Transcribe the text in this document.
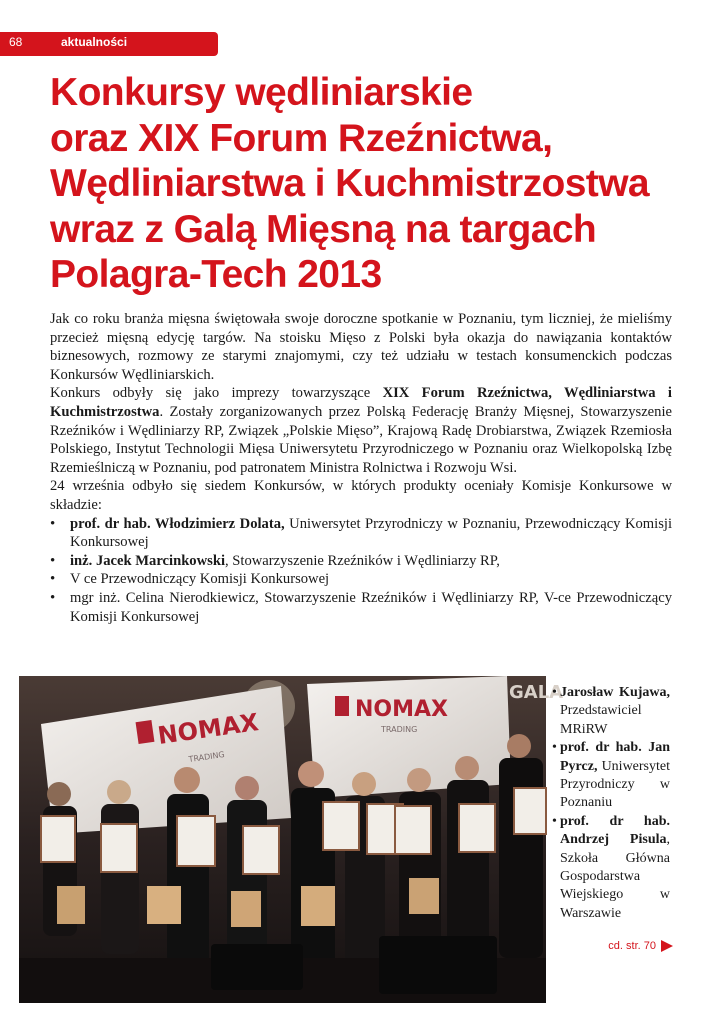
68	aktualności
Konkursy wędliniarskie
oraz XIX Forum Rzeźnictwa,
Wędliniarstwa i Kuchmistrzostwa
wraz z Galą Mięsną na targach
Polagra-Tech 2013

Jak co roku branża mięsna świętowała swoje doroczne spotkanie w Poznaniu, tym liczniej, że mieliśmy przecież mięsną edycję targów. Na stoisku Mięso z Polski była okazja do nawiązania kontaktów biznesowych, rozmowy ze starymi znajomymi, czy też udziału w testach konsumenckich podczas Konkursów Wędliniarskich.

Konkurs odbyły się jako imprezy towarzyszące XIX Forum Rzeźnictwa, Wędliniarstwa i Kuchmistrzostwa. Zostały zorganizowanych przez Polską Federację Branży Mięsnej, Stowarzyszenie Rzeźników i Wędliniarzy RP, Związek „Polskie Mięso”, Krajową Radę Drobiarstwa, Związek Rzemiosła Polskiego, Instytut Technologii Mięsa Uniwersytetu Przyrodniczego w Poznaniu oraz Wielkopolską Izbę Rzemieślniczą w Poznaniu, pod patronatem Ministra Rolnictwa i Rozwoju Wsi.

24 września odbyło się siedem Konkursów, w których produkty oceniały Komisje Konkursowe w składzie:

• prof. dr hab. Włodzimierz Dolata, Uniwersytet Przyrodniczy w Poznaniu, Przewodniczący Komisji Konkursowej
• inż. Jacek Marcinkowski, Stowarzyszenie Rzeźników i Wędliniarzy RP,
• V ce Przewodniczący Komisji Konkursowej
• mgr inż. Celina Nierodkiewicz, Stowarzyszenie Rzeźników i Wędliniarzy RP, V-ce Przewodniczący Komisji Konkursowej
NOMAX
TRADING
NOMAX
TRADING
GALA
• Jarosław Kujawa, Przedstawiciel MRiRW
• prof. dr hab. Jan Pyrcz, Uniwersytet Przyrodniczy w Poznaniu
• prof. dr hab. Andrzej Pisula, Szkoła Główna Gospodarstwa Wiejskiego w Warszawie
cd. str. 70
